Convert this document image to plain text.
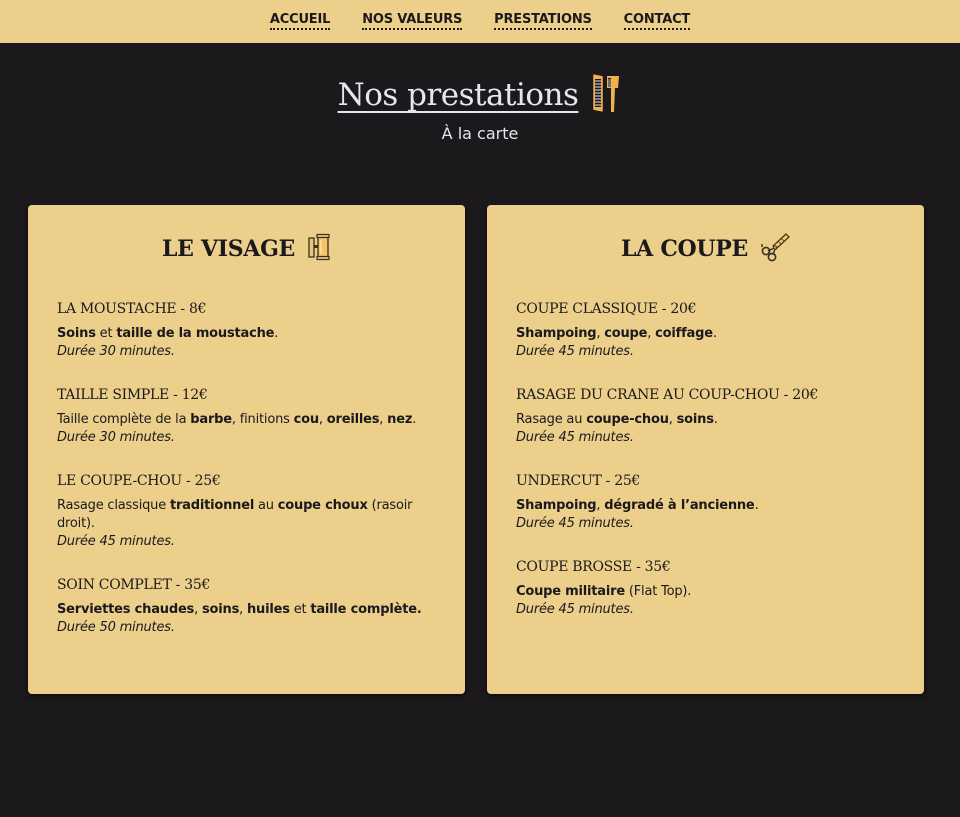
ACCUEIL NOS VALEURS PRESTATIONS CONTACT
Nos prestations
À la carte
LE VISAGE
LA MOUSTACHE - 8€
Soins et taille de la moustache.
Durée 30 minutes.
TAILLE SIMPLE - 12€
Taille complète de la barbe, finitions cou, oreilles, nez.
Durée 30 minutes.
LE COUPE-CHOU - 25€
Rasage classique traditionnel au coupe choux (rasoir droit).
Durée 45 minutes.
SOIN COMPLET - 35€
Serviettes chaudes, soins, huiles et taille complète.
Durée 50 minutes.
LA COUPE
COUPE CLASSIQUE - 20€
Shampoing, coupe, coiffage.
Durée 45 minutes.
RASAGE DU CRANE AU COUP-CHOU - 20€
Rasage au coupe-chou, soins.
Durée 45 minutes.
UNDERCUT - 25€
Shampoing, dégradé à l’ancienne.
Durée 45 minutes.
COUPE BROSSE - 35€
Coupe militaire (Flat Top).
Durée 45 minutes.
